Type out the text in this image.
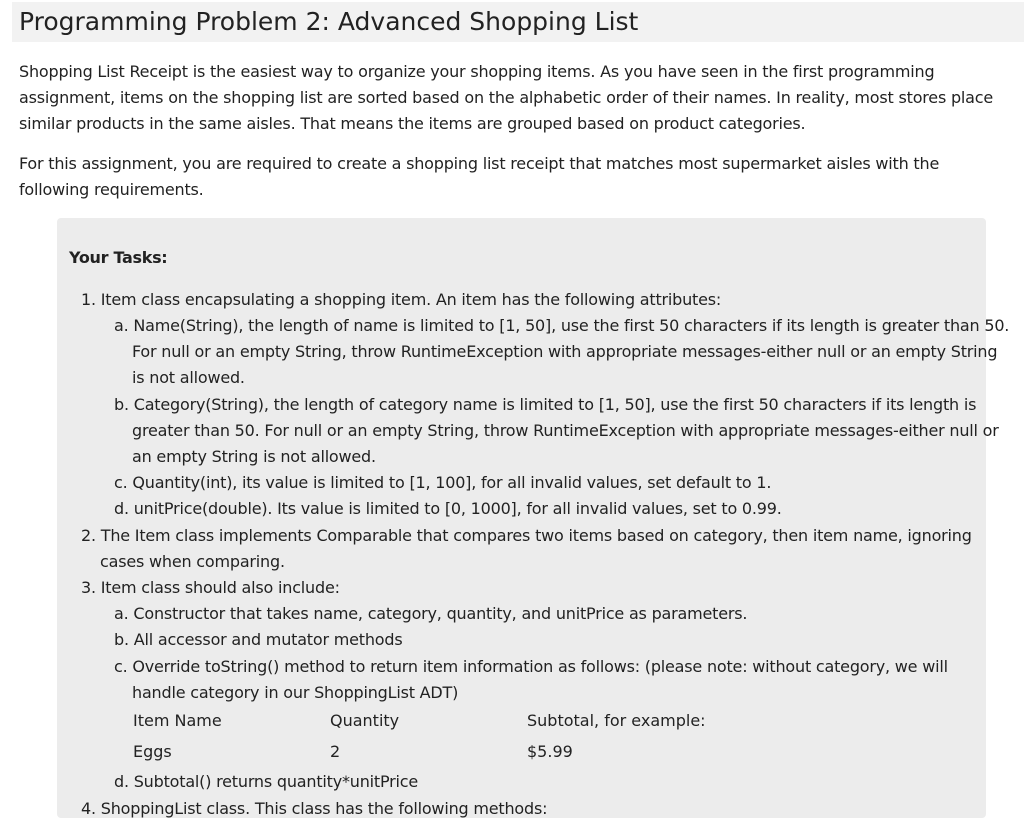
Programming Problem 2: Advanced Shopping List

Shopping List Receipt is the easiest way to organize your shopping items. As you have seen in the first programming assignment, items on the shopping list are sorted based on the alphabetic order of their names. In reality, most stores place similar products in the same aisles. That means the items are grouped based on product categories.

For this assignment, you are required to create a shopping list receipt that matches most supermarket aisles with the following requirements.

Your Tasks:

1. Item class encapsulating a shopping item. An item has the following attributes:

a. Name(String), the length of name is limited to [1, 50], use the first 50 characters if its length is greater than 50.

For null or an empty String, throw RuntimeException with appropriate messages-either null or an empty String

is not allowed.

b. Category(String), the length of category name is limited to [1, 50], use the first 50 characters if its length is

greater than 50. For null or an empty String, throw RuntimeException with appropriate messages-either null or

an empty String is not allowed.

c. Quantity(int), its value is limited to [1, 100], for all invalid values, set default to 1.

d. unitPrice(double). Its value is limited to [0, 1000], for all invalid values, set to 0.99.

2. The Item class implements Comparable that compares two items based on category, then item name, ignoring

cases when comparing.

3. Item class should also include:

a. Constructor that takes name, category, quantity, and unitPrice as parameters.

b. All accessor and mutator methods

c. Override toString() method to return item information as follows: (please note: without category, we will

handle category in our ShoppingList ADT)

Item Name	Quantity	Subtotal, for example:
Eggs	2	$5.99

d. Subtotal() returns quantity*unitPrice

4. ShoppingList class. This class has the following methods:
